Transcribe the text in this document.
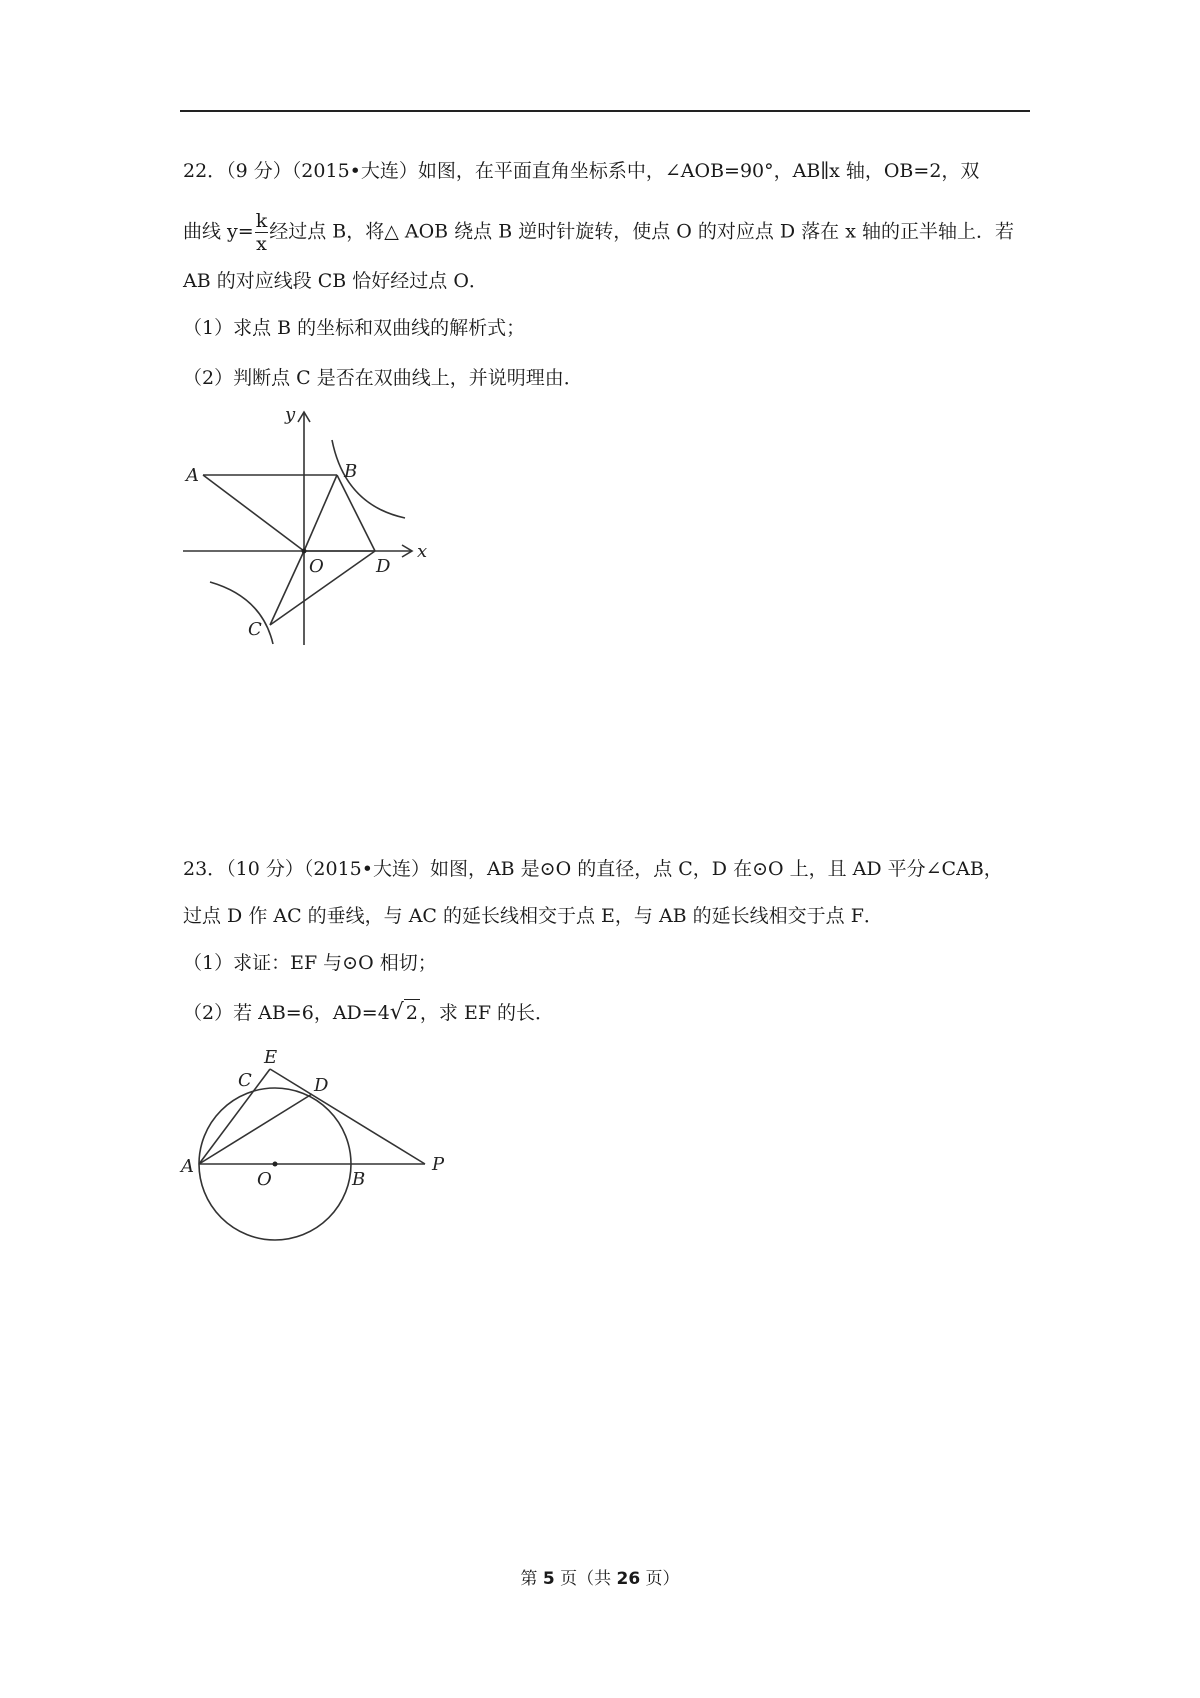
22．（9 分）（2015•大连）如图，在平面直角坐标系中，∠AOB=90°，AB∥x 轴，OB=2，双
曲线 $y= \frac{k}{x}$ 经过点 B，将△ AOB 绕点 B 逆时针旋转，使点 O 的对应点 D 落在 x 轴的正半轴上．若
AB 的对应线段 CB 恰好经过点 O．
（1）求点 B 的坐标和双曲线的解析式；
（2）判断点 C 是否在双曲线上，并说明理由．
y
A	B
x
O	D
C
23．（10 分）（2015•大连）如图，AB 是⊙O 的直径，点 C，D 在⊙O 上，且 AD 平分∠CAB，
过点 D 作 AC 的垂线，与 AC 的延长线相交于点 E，与 AB 的延长线相交于点 F．
（1）求证：EF 与⊙O 相切；
（2）若 AB=6，AD=4√ 2 ，求 EF 的长．
E
C	D
A
O	B
P
第 5 页（共 26 页）
